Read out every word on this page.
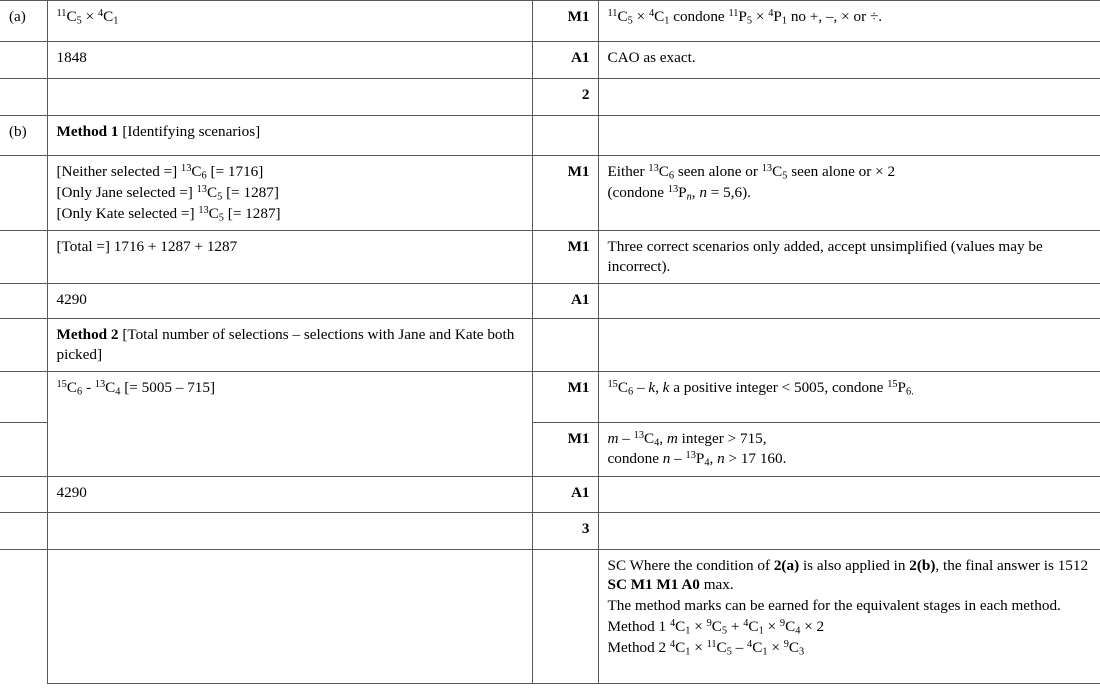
(a)	$^{11}C_5 \times ^4C_1$	M1	$^{11}C_5 \times ^4C_1$ condone $^{11}P_5 \times ^4P_1$ no +, –, × or ÷.

	1848	A1	CAO as exact.

		2	
(b)	Method 1 [Identifying scenarios]		

	[Neither selected =] $^{13}C_6$ [= 1716]
[Only Jane selected =] $^{13}C_5$ [= 1287]
[Only Kate selected =] $^{13}C_5$ [= 1287]	M1	Either $^{13}C_6$ seen alone or $^{13}C_5$ seen alone or × 2
(condone $^{13}P_n$, n = 5,6).

	[Total =] 1716 + 1287 + 1287	M1	Three correct scenarios only added, accept unsimplified (values may be incorrect).

	4290	A1	

	Method 2 [Total number of selections – selections with Jane and Kate both picked]		

	$^{15}C_6 - ^{13}C_4$ [= 5005 – 715]	M1	$^{15}C_6$ – k, k a positive integer < 5005, condone $^{15}P_{6.}$

		M1	m – $^{13}C_4$, m integer > 715,
condone n – $^{13}P_4$, n > 17 160.

	4290	A1	
		3	

			SC Where the condition of 2(a) is also applied in 2(b), the final answer is 1512 SC M1 M1 A0 max.
The method marks can be earned for the equivalent stages in each method.
Method 1 $^4C_1 \times ^9C_5 + ^4C_1 \times ^9C_4 \times 2$
Method 2 $^4C_1 \times ^{11}C_5 - ^4C_1 \times ^9C_3$
